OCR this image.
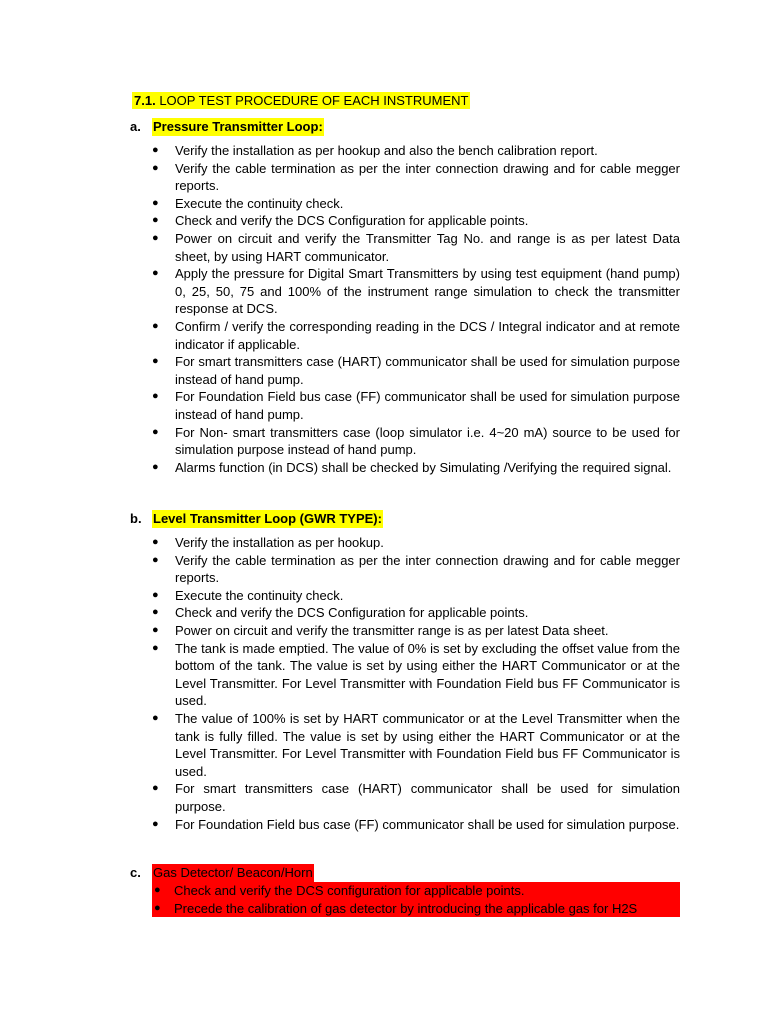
7.1. LOOP TEST PROCEDURE OF EACH INSTRUMENT
a. Pressure Transmitter Loop:
● Verify the installation as per hookup and also the bench calibration report.
● Verify the cable termination as per the inter connection drawing and for cable megger reports.
● Execute the continuity check.
● Check and verify the DCS Configuration for applicable points.
● Power on circuit and verify the Transmitter Tag No. and range is as per latest Data sheet, by using HART communicator.
● Apply the pressure for Digital Smart Transmitters by using test equipment (hand pump) 0, 25, 50, 75 and 100% of the instrument range simulation to check the transmitter response at DCS.
● Confirm / verify the corresponding reading in the DCS / Integral indicator and at remote indicator if applicable.
● For smart transmitters case (HART) communicator shall be used for simulation purpose instead of hand pump.
● For Foundation Field bus case (FF) communicator shall be used for simulation purpose instead of hand pump.
● For Non- smart transmitters case (loop simulator i.e. 4~20 mA) source to be used for simulation purpose instead of hand pump.
● Alarms function (in DCS) shall be checked by Simulating /Verifying the required signal.
b. Level Transmitter Loop (GWR TYPE):
● Verify the installation as per hookup.
● Verify the cable termination as per the inter connection drawing and for cable megger reports.
● Execute the continuity check.
● Check and verify the DCS Configuration for applicable points.
● Power on circuit and verify the transmitter range is as per latest Data sheet.
● The tank is made emptied. The value of 0% is set by excluding the offset value from the bottom of the tank. The value is set by using either the HART Communicator or at the Level Transmitter. For Level Transmitter with Foundation Field bus FF Communicator is used.
● The value of 100% is set by HART communicator or at the Level Transmitter when the tank is fully filled. The value is set by using either the HART Communicator or at the Level Transmitter. For Level Transmitter with Foundation Field bus FF Communicator is used.
● For smart transmitters case (HART) communicator shall be used for simulation purpose.
● For Foundation Field bus case (FF) communicator shall be used for simulation purpose.
c. Gas Detector/ Beacon/Horn
● Check and verify the DCS configuration for applicable points.
● Precede the calibration of gas detector by introducing the applicable gas for H2S
